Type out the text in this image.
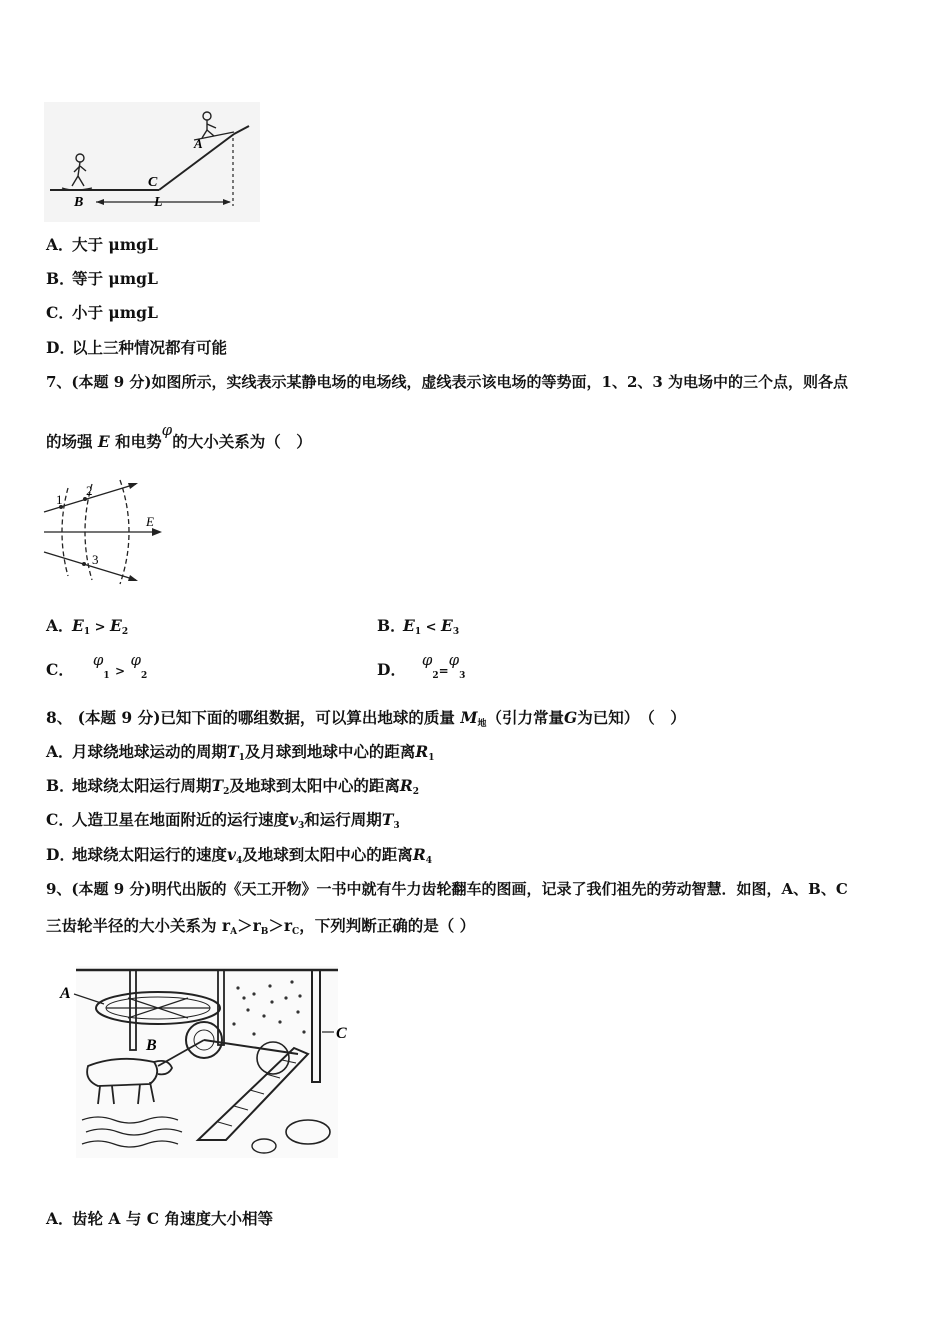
B
C
A
L
A．大于 μmgL
B．等于 μmgL
C．小于 μmgL
D．以上三种情况都有可能
7、(本题 9 分)如图所示，实线表示某静电场的电场线，虚线表示该电场的等势面，1、2、3 为电场中的三个点，则各点
的场强 E 和电势φ的大小关系为（　）
1
2
3
E
A．$E_1 > E_2$	B．$E_1 < E_3$
C． $\varphi_1 > \varphi_2$	D． $\varphi_2=\varphi_3$
8、 (本题 9 分)已知下面的哪组数据，可以算出地球的质量 $M_地$（引力常量G为已知）　（　）
A．月球绕地球运动的周期$T_1$及月球到地球中心的距离$R_1$
B．地球绕太阳运行周期$T_2$及地球到太阳中心的距离$R_2$
C．人造卫星在地面附近的运行速度$v_3$和运行周期$T_3$
D．地球绕太阳运行的速度$v_4$及地球到太阳中心的距离$R_4$
9、(本题 9 分)明代出版的《天工开物》一书中就有牛力齿轮翻车的图画，记录了我们祖先的劳动智慧．如图，A、B、C
三齿轮半径的大小关系为 $r_A>r_B>r_C$，下列判断正确的是（ ）
A
B
C
A．齿轮 A 与 C 角速度大小相等
